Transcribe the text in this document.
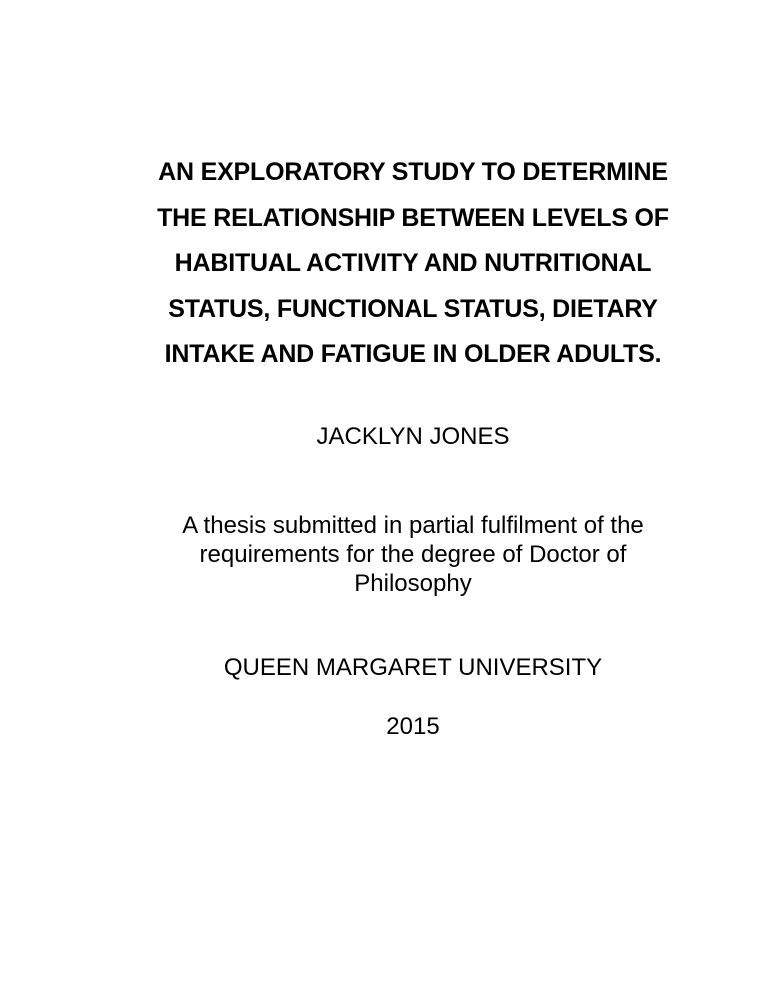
AN EXPLORATORY STUDY TO DETERMINE
THE RELATIONSHIP BETWEEN LEVELS OF
HABITUAL ACTIVITY AND NUTRITIONAL
STATUS, FUNCTIONAL STATUS, DIETARY
INTAKE AND FATIGUE IN OLDER ADULTS.
JACKLYN JONES
A thesis submitted in partial fulfilment of the
requirements for the degree of Doctor of
Philosophy
QUEEN MARGARET UNIVERSITY
2015
